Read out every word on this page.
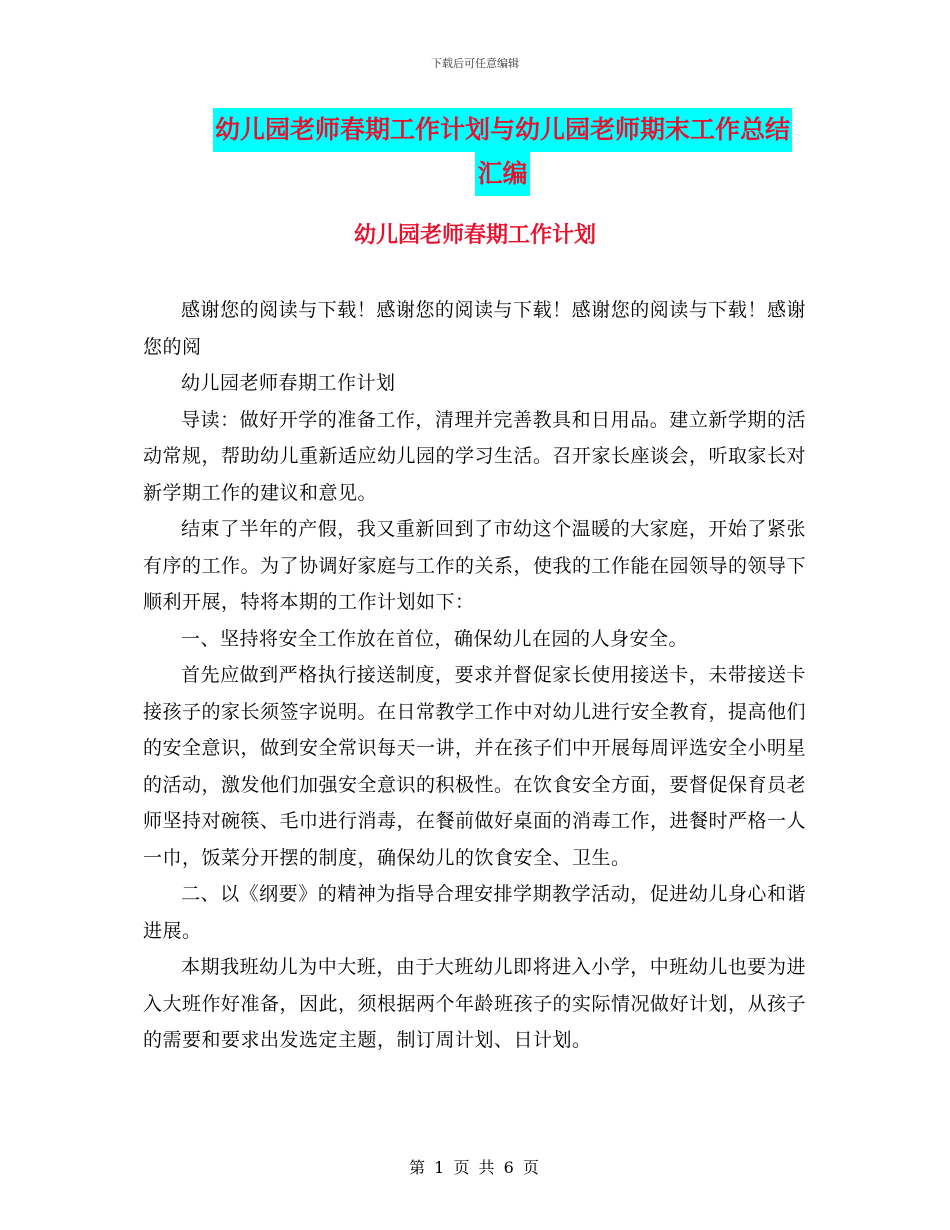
下载后可任意编辑
幼儿园老师春期工作计划与幼儿园老师期末工作总结
汇编
幼儿园老师春期工作计划

感谢您的阅读与下载！感谢您的阅读与下载！感谢您的阅读与下载！感谢您的阅

幼儿园老师春期工作计划

导读：做好开学的准备工作，清理并完善教具和日用品。建立新学期的活动常规，帮助幼儿重新适应幼儿园的学习生活。召开家长座谈会，听取家长对新学期工作的建议和意见。

结束了半年的产假，我又重新回到了市幼这个温暖的大家庭，开始了紧张有序的工作。为了协调好家庭与工作的关系，使我的工作能在园领导的领导下顺利开展，特将本期的工作计划如下：

一、坚持将安全工作放在首位，确保幼儿在园的人身安全。

首先应做到严格执行接送制度，要求并督促家长使用接送卡，未带接送卡接孩子的家长须签字说明。在日常教学工作中对幼儿进行安全教育，提高他们的安全意识，做到安全常识每天一讲，并在孩子们中开展每周评选安全小明星的活动，激发他们加强安全意识的积极性。在饮食安全方面，要督促保育员老师坚持对碗筷、毛巾进行消毒，在餐前做好桌面的消毒工作，进餐时严格一人一巾，饭菜分开摆的制度，确保幼儿的饮食安全、卫生。

二、以《纲要》的精神为指导合理安排学期教学活动，促进幼儿身心和谐进展。

本期我班幼儿为中大班，由于大班幼儿即将进入小学，中班幼儿也要为进入大班作好准备，因此，须根据两个年龄班孩子的实际情况做好计划，从孩子的需要和要求出发选定主题，制订周计划、日计划。

第 1 页 共 6 页
